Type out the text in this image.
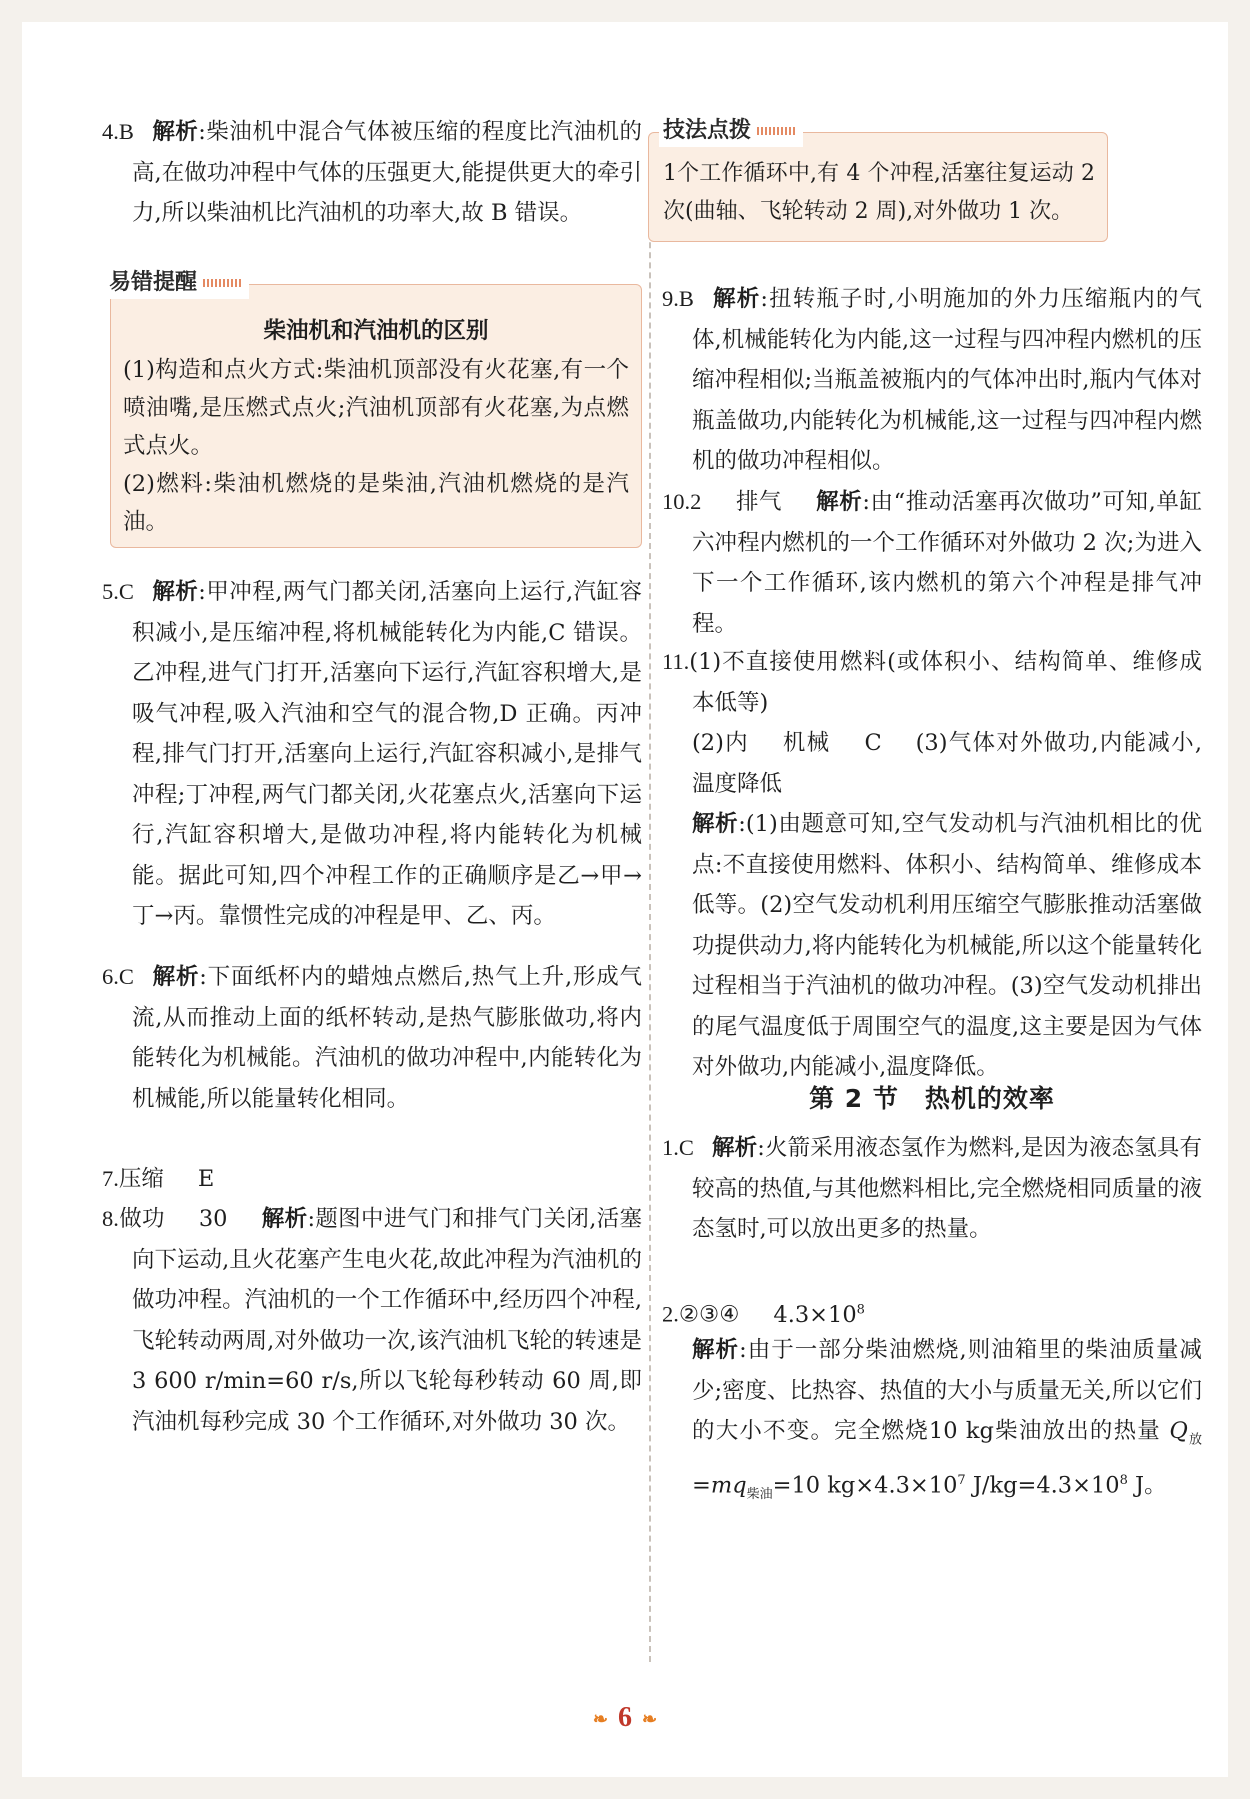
4.B 解析:柴油机中混合气体被压缩的程度比汽油机的高,在做功冲程中气体的压强更大,能提供更大的牵引力,所以柴油机比汽油机的功率大,故 B 错误。
易错提醒
柴油机和汽油机的区别
(1)构造和点火方式:柴油机顶部没有火花塞,有一个喷油嘴,是压燃式点火;汽油机顶部有火花塞,为点燃式点火。
(2)燃料:柴油机燃烧的是柴油,汽油机燃烧的是汽油。
5.C 解析:甲冲程,两气门都关闭,活塞向上运行,汽缸容积减小,是压缩冲程,将机械能转化为内能,C 错误。乙冲程,进气门打开,活塞向下运行,汽缸容积增大,是吸气冲程,吸入汽油和空气的混合物,D 正确。丙冲程,排气门打开,活塞向上运行,汽缸容积减小,是排气冲程;丁冲程,两气门都关闭,火花塞点火,活塞向下运行,汽缸容积增大,是做功冲程,将内能转化为机械能。据此可知,四个冲程工作的正确顺序是乙→甲→丁→丙。靠惯性完成的冲程是甲、乙、丙。
6.C 解析:下面纸杯内的蜡烛点燃后,热气上升,形成气流,从而推动上面的纸杯转动,是热气膨胀做功,将内能转化为机械能。汽油机的做功冲程中,内能转化为机械能,所以能量转化相同。
7.压缩 E
8.做功 30 解析:题图中进气门和排气门关闭,活塞向下运动,且火花塞产生电火花,故此冲程为汽油机的做功冲程。汽油机的一个工作循环中,经历四个冲程,飞轮转动两周,对外做功一次,该汽油机飞轮的转速是 3 600 r/min=60 r/s,所以飞轮每秒转动 60 周,即汽油机每秒完成 30 个工作循环,对外做功 30 次。
技法点拨
1个工作循环中,有 4 个冲程,活塞往复运动 2 次(曲轴、飞轮转动 2 周),对外做功 1 次。
9.B 解析:扭转瓶子时,小明施加的外力压缩瓶内的气体,机械能转化为内能,这一过程与四冲程内燃机的压缩冲程相似;当瓶盖被瓶内的气体冲出时,瓶内气体对瓶盖做功,内能转化为机械能,这一过程与四冲程内燃机的做功冲程相似。
10.2 排气 解析:由“推动活塞再次做功”可知,单缸六冲程内燃机的一个工作循环对外做功 2 次;为进入下一个工作循环,该内燃机的第六个冲程是排气冲程。
11.(1)不直接使用燃料(或体积小、结构简单、维修成本低等)
(2)内 机械 C (3)气体对外做功,内能减小,温度降低
解析:(1)由题意可知,空气发动机与汽油机相比的优点:不直接使用燃料、体积小、结构简单、维修成本低等。(2)空气发动机利用压缩空气膨胀推动活塞做功提供动力,将内能转化为机械能,所以这个能量转化过程相当于汽油机的做功冲程。(3)空气发动机排出的尾气温度低于周围空气的温度,这主要是因为气体对外做功,内能减小,温度降低。
第 2 节　热机的效率
1.C 解析:火箭采用液态氢作为燃料,是因为液态氢具有较高的热值,与其他燃料相比,完全燃烧相同质量的液态氢时,可以放出更多的热量。
2.②③④ $4.3\times 10^8$
解析:由于一部分柴油燃烧,则油箱里的柴油质量减少;密度、比热容、热值的大小与质量无关,所以它们的大小不变。完全燃烧10 kg柴油放出的热量 $Q_放=mq_{柴油}=10$ $kg\times 4.3\times 10^7$ $J/kg=4.3\times 10^8$ J。
❧ 6 ❧
